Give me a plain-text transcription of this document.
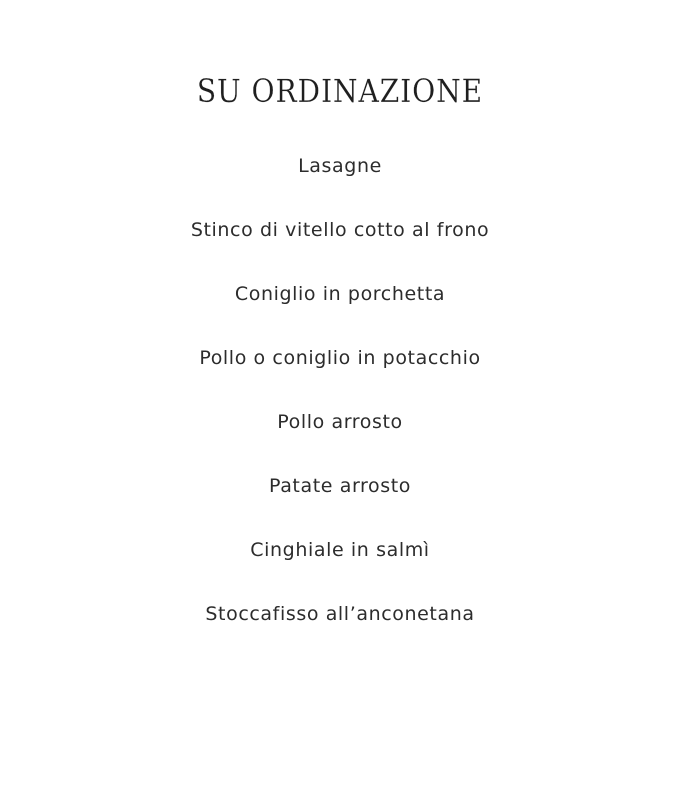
SU ORDINAZIONE
Lasagne
Stinco di vitello cotto al frono
Coniglio in porchetta
Pollo o coniglio in potacchio
Pollo arrosto
Patate arrosto
Cinghiale in salmì
Stoccafisso all’anconetana
